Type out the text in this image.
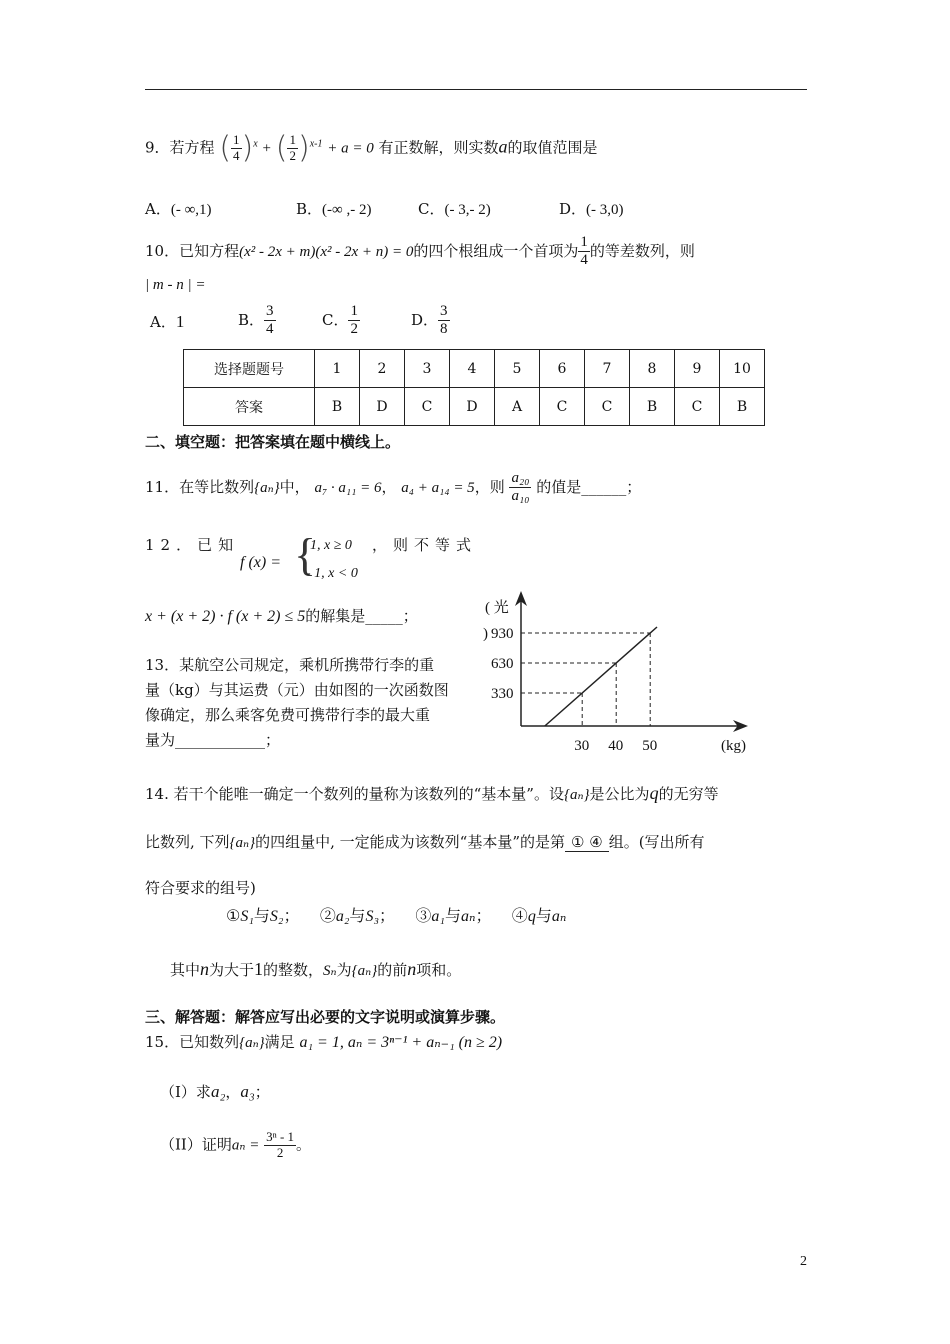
9．若方程 ( $\frac{1}{4} )^x$ + ( $\frac{1}{2} )^{x-1} + a = 0$ 有正数解，则实数a的取值范围是
A．(- ∞,1)	B．(-∞ ,- 2)	C．(- 3,- 2)	D．(- 3,0)
10．已知方程(x² - 2x + m)(x² - 2x + n) = 0的四个根组成一个首项为 $\frac{1}{4}$ 的等差数列，则
| m - n | =
A．1	B． $\frac{3}{4}$	C． $\frac{1}{2}$	D． $\frac{3}{8}$
选择题题号	1	2	3	4	5	6	7	8	9	10
答案	B	D	C	D	A	C	C	B	C	B
二、填空题：把答案填在题中横线上。
11．在等比数列{aₙ}中， a₇ · a₁₁ = 6， a₄ + a₁₄ = 5，则 $\frac{\text{a₂₀}}{\text{a₁₀}}$ 的值是______；
12．已知
f (x) = {
1, x ≥ 0
- 1, x < 0
，则不等式
x + (x + 2) · f (x + 2) ≤ 5的解集是_____；
13．某航空公司规定，乘机所携带行李的重
量（kg）与其运费（元）由如图的一次函数图
像确定，那么乘客免费可携带行李的最大重
量为____________；
330
30
630
40
930
50
( 光
)
(kg)
14. 若干个能唯一确定一个数列的量称为该数列的“基本量”。设{aₙ}是公比为q的无穷等
比数列, 下列{aₙ}的四组量中, 一定能成为该数列“基本量”的是第 ① ④ 组。(写出所有
符合要求的组号)
①S₁与S₂； ②a₂与S₃； ③a₁与aₙ； ④q与aₙ
其中n为大于1的整数，Sₙ为{aₙ}的前n项和。
三、解答题：解答应写出必要的文字说明或演算步骤。
15．已知数列{aₙ}满足 a₁ = 1, aₙ = 3ⁿ⁻¹ + aₙ₋₁ (n ≥ 2)
（I）求a₂，a₃；
（II）证明$a_n = \frac{\text{3ⁿ - 1}}{2}$ 。
2
